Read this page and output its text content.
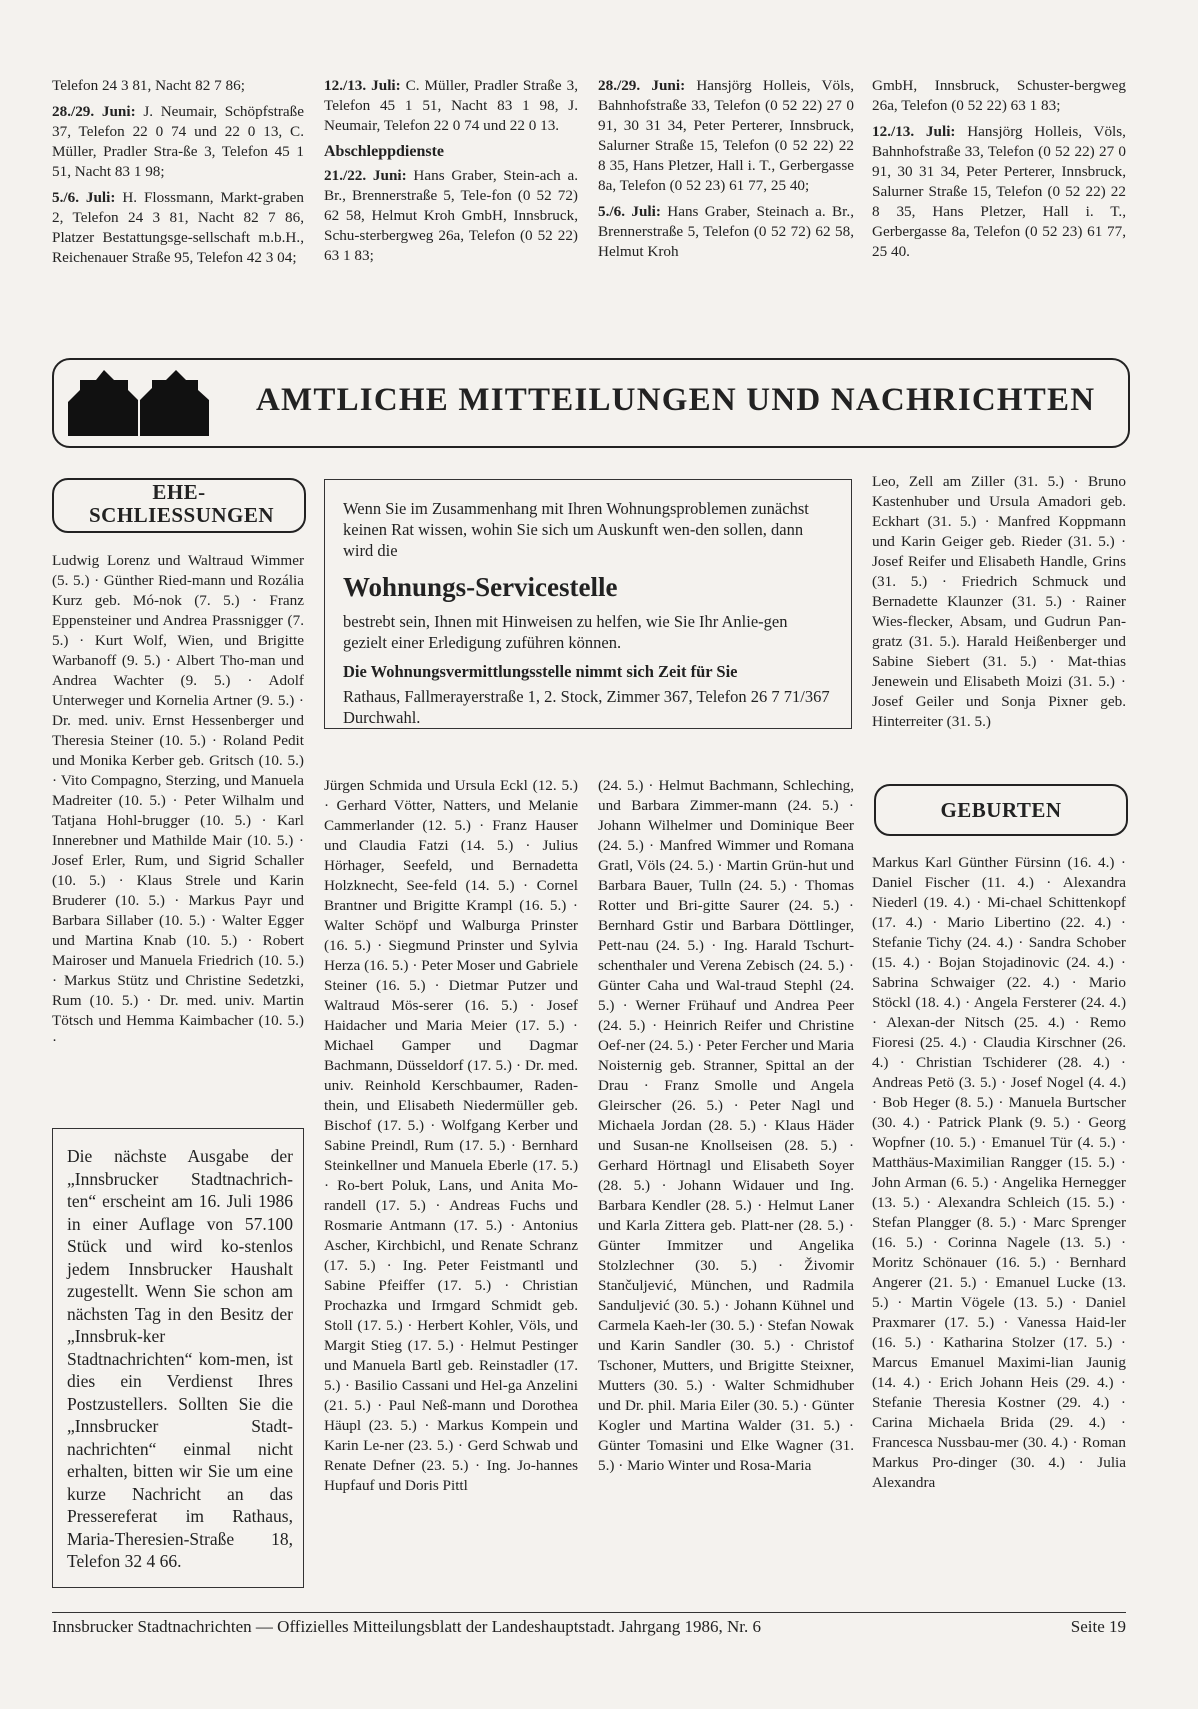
Telefon 24 3 81, Nacht 82 7 86;

28./29. Juni: J. Neumair, Schöpfstraße 37, Telefon 22 0 74 und 22 0 13, C. Müller, Pradler Stra-ße 3, Telefon 45 1 51, Nacht 83 1 98;

5./6. Juli: H. Flossmann, Markt-graben 2, Telefon 24 3 81, Nacht 82 7 86, Platzer Bestattungsge-sellschaft m.b.H., Reichenauer Straße 95, Telefon 42 3 04;

12./13. Juli: C. Müller, Pradler Straße 3, Telefon 45 1 51, Nacht 83 1 98, J. Neumair, Telefon 22 0 74 und 22 0 13.

Abschleppdienste

21./22. Juni: Hans Graber, Stein-ach a. Br., Brennerstraße 5, Tele-fon (0 52 72) 62 58, Helmut Kroh GmbH, Innsbruck, Schu-sterbergweg 26a, Telefon (0 52 22) 63 1 83;

28./29. Juni: Hansjörg Holleis, Völs, Bahnhofstraße 33, Telefon (0 52 22) 27 0 91, 30 31 34, Peter Perterer, Innsbruck, Salurner Straße 15, Telefon (0 52 22) 22 8 35, Hans Pletzer, Hall i. T., Gerbergasse 8a, Telefon (0 52 23) 61 77, 25 40;

5./6. Juli: Hans Graber, Steinach a. Br., Brennerstraße 5, Telefon (0 52 72) 62 58, Helmut Kroh

GmbH, Innsbruck, Schuster-bergweg 26a, Telefon (0 52 22) 63 1 83;

12./13. Juli: Hansjörg Holleis, Völs, Bahnhofstraße 33, Telefon (0 52 22) 27 0 91, 30 31 34, Peter Perterer, Innsbruck, Salurner Straße 15, Telefon (0 52 22) 22 8 35, Hans Pletzer, Hall i. T., Gerbergasse 8a, Telefon (0 52 23) 61 77, 25 40.

AMTLICHE MITTEILUNGEN UND NACHRICHTEN
EHE-SCHLIESSUNGEN

Ludwig Lorenz und Waltraud Wimmer (5. 5.) · Günther Ried-mann und Rozália Kurz geb. Mó-nok (7. 5.) · Franz Eppensteiner und Andrea Prassnigger (7. 5.) · Kurt Wolf, Wien, und Brigitte Warbanoff (9. 5.) · Albert Tho-man und Andrea Wachter (9. 5.) · Adolf Unterweger und Kornelia Artner (9. 5.) · Dr. med. univ. Ernst Hessenberger und Theresia Steiner (10. 5.) · Roland Pedit und Monika Kerber geb. Gritsch (10. 5.) · Vito Compagno, Sterzing, und Manuela Madreiter (10. 5.) · Peter Wilhalm und Tatjana Hohl-brugger (10. 5.) · Karl Innerebner und Mathilde Mair (10. 5.) · Josef Erler, Rum, und Sigrid Schaller (10. 5.) · Klaus Strele und Karin Bruderer (10. 5.) · Markus Payr und Barbara Sillaber (10. 5.) · Walter Egger und Martina Knab (10. 5.) · Robert Mairoser und Manuela Friedrich (10. 5.) · Markus Stütz und Christine Sedetzki, Rum (10. 5.) · Dr. med. univ. Martin Tötsch und Hemma Kaimbacher (10. 5.) ·

Die nächste Ausgabe der „Innsbrucker Stadtnachrich-ten“ erscheint am 16. Juli 1986 in einer Auflage von 57.100 Stück und wird ko-stenlos jedem Innsbrucker Haushalt zugestellt. Wenn Sie schon am nächsten Tag in den Besitz der „Innsbruk-ker Stadtnachrichten“ kom-men, ist dies ein Verdienst Ihres Postzustellers. Sollten Sie die „Innsbrucker Stadt-nachrichten“ einmal nicht erhalten, bitten wir Sie um eine kurze Nachricht an das Pressereferat im Rathaus, Maria-Theresien-Straße 18, Telefon 32 4 66.

Wenn Sie im Zusammenhang mit Ihren Wohnungsproblemen zunächst keinen Rat wissen, wohin Sie sich um Auskunft wen-den sollen, dann wird die

Wohnungs-Servicestelle

bestrebt sein, Ihnen mit Hinweisen zu helfen, wie Sie Ihr Anlie-gen gezielt einer Erledigung zuführen können.

Die Wohnungsvermittlungsstelle nimmt sich Zeit für Sie

Rathaus, Fallmerayerstraße 1, 2. Stock, Zimmer 367, Telefon 26 7 71/367 Durchwahl.

Jürgen Schmida und Ursula Eckl (12. 5.) · Gerhard Vötter, Natters, und Melanie Cammerlander (12. 5.) · Franz Hauser und Claudia Fatzi (14. 5.) · Julius Hörhager, Seefeld, und Bernadetta Holzknecht, See-feld (14. 5.) · Cornel Brantner und Brigitte Krampl (16. 5.) · Walter Schöpf und Walburga Prinster (16. 5.) · Siegmund Prinster und Sylvia Herza (16. 5.) · Peter Moser und Gabriele Steiner (16. 5.) · Dietmar Putzer und Waltraud Mös-serer (16. 5.) · Josef Haidacher und Maria Meier (17. 5.) · Michael Gamper und Dagmar Bachmann, Düsseldorf (17. 5.) · Dr. med. univ. Reinhold Kerschbaumer, Raden-thein, und Elisabeth Niedermüller geb. Bischof (17. 5.) · Wolfgang Kerber und Sabine Preindl, Rum (17. 5.) · Bernhard Steinkellner und Manuela Eberle (17. 5.) · Ro-bert Poluk, Lans, und Anita Mo-randell (17. 5.) · Andreas Fuchs und Rosmarie Antmann (17. 5.) · Antonius Ascher, Kirchbichl, und Renate Schranz (17. 5.) · Ing. Peter Feistmantl und Sabine Pfeiffer (17. 5.) · Christian Prochazka und Irmgard Schmidt geb. Stoll (17. 5.) · Herbert Kohler, Völs, und Margit Stieg (17. 5.) · Helmut Pestinger und Manuela Bartl geb. Reinstadler (17. 5.) · Basilio Cassani und Hel-ga Anzelini (21. 5.) · Paul Neß-mann und Dorothea Häupl (23. 5.) · Markus Kompein und Karin Le-ner (23. 5.) · Gerd Schwab und Renate Defner (23. 5.) · Ing. Jo-hannes Hupfauf und Doris Pittl

(24. 5.) · Helmut Bachmann, Schleching, und Barbara Zimmer-mann (24. 5.) · Johann Wilhelmer und Dominique Beer (24. 5.) · Manfred Wimmer und Romana Gratl, Völs (24. 5.) · Martin Grün-hut und Barbara Bauer, Tulln (24. 5.) · Thomas Rotter und Bri-gitte Saurer (24. 5.) · Bernhard Gstir und Barbara Döttlinger, Pett-nau (24. 5.) · Ing. Harald Tschurt-schenthaler und Verena Zebisch (24. 5.) · Günter Caha und Wal-traud Stephl (24. 5.) · Werner Frühauf und Andrea Peer (24. 5.) · Heinrich Reifer und Christine Oef-ner (24. 5.) · Peter Fercher und Maria Noisternig geb. Stranner, Spittal an der Drau · Franz Smolle und Angela Gleirscher (26. 5.) · Peter Nagl und Michaela Jordan (28. 5.) · Klaus Häder und Susan-ne Knollseisen (28. 5.) · Gerhard Hörtnagl und Elisabeth Soyer (28. 5.) · Johann Widauer und Ing. Barbara Kendler (28. 5.) · Helmut Laner und Karla Zittera geb. Platt-ner (28. 5.) · Günter Immitzer und Angelika Stolzlechner (30. 5.) · Živomir Stančuljević, München, und Radmila Sanduljević (30. 5.) · Johann Kühnel und Carmela Kaeh-ler (30. 5.) · Stefan Nowak und Karin Sandler (30. 5.) · Christof Tschoner, Mutters, und Brigitte Steixner, Mutters (30. 5.) · Walter Schmidhuber und Dr. phil. Maria Eiler (30. 5.) · Günter Kogler und Martina Walder (31. 5.) · Günter Tomasini und Elke Wagner (31. 5.) · Mario Winter und Rosa-Maria

Leo, Zell am Ziller (31. 5.) · Bruno Kastenhuber und Ursula Amadori geb. Eckhart (31. 5.) · Manfred Koppmann und Karin Geiger geb. Rieder (31. 5.) · Josef Reifer und Elisabeth Handle, Grins (31. 5.) · Friedrich Schmuck und Bernadette Klaunzer (31. 5.) · Rainer Wies-flecker, Absam, und Gudrun Pan-gratz (31. 5.). Harald Heißenberger und Sabine Siebert (31. 5.) · Mat-thias Jenewein und Elisabeth Moizi (31. 5.) · Josef Geiler und Sonja Pixner geb. Hinterreiter (31. 5.)

GEBURTEN

Markus Karl Günther Fürsinn (16. 4.) · Daniel Fischer (11. 4.) · Alexandra Niederl (19. 4.) · Mi-chael Schittenkopf (17. 4.) · Mario Libertino (22. 4.) · Stefanie Tichy (24. 4.) · Sandra Schober (15. 4.) · Bojan Stojadinovic (24. 4.) · Sabrina Schwaiger (22. 4.) · Mario Stöckl (18. 4.) · Angela Fersterer (24. 4.) · Alexan-der Nitsch (25. 4.) · Remo Fioresi (25. 4.) · Claudia Kirschner (26. 4.) · Christian Tschiderer (28. 4.) · Andreas Petö (3. 5.) · Josef Nogel (4. 4.) · Bob Heger (8. 5.) · Manuela Burtscher (30. 4.) · Patrick Plank (9. 5.) · Georg Wopfner (10. 5.) · Emanuel Tür (4. 5.) · Matthäus-Maximilian Rangger (15. 5.) · John Arman (6. 5.) · Angelika Hernegger (13. 5.) · Alexandra Schleich (15. 5.) · Stefan Plangger (8. 5.) · Marc Sprenger (16. 5.) · Corinna Nagele (13. 5.) · Moritz Schönauer (16. 5.) · Bernhard Angerer (21. 5.) · Emanuel Lucke (13. 5.) · Martin Vögele (13. 5.) · Daniel Praxmarer (17. 5.) · Vanessa Haid-ler (16. 5.) · Katharina Stolzer (17. 5.) · Marcus Emanuel Maximi-lian Jaunig (14. 4.) · Erich Johann Heis (29. 4.) · Stefanie Theresia Kostner (29. 4.) · Carina Michaela Brida (29. 4.) · Francesca Nussbau-mer (30. 4.) · Roman Markus Pro-dinger (30. 4.) · Julia Alexandra

Innsbrucker Stadtnachrichten — Offizielles Mitteilungsblatt der Landeshauptstadt. Jahrgang 1986, Nr. 6	Seite 19
